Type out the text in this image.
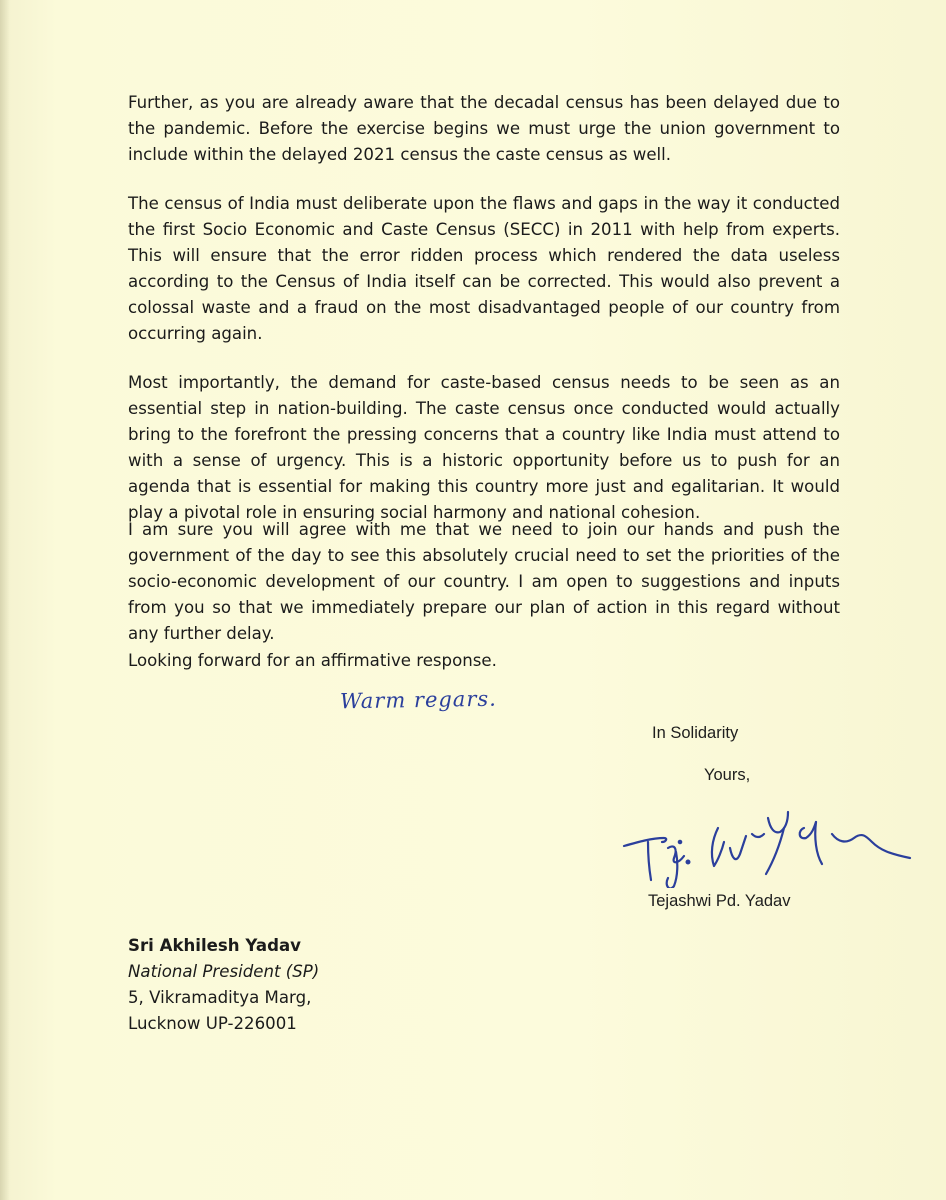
Further, as you are already aware that the decadal census has been delayed due to the pandemic. Before the exercise begins we must urge the union government to include within the delayed 2021 census the caste census as well.

The census of India must deliberate upon the flaws and gaps in the way it conducted the first Socio Economic and Caste Census (SECC) in 2011 with help from experts. This will ensure that the error ridden process which rendered the data useless according to the Census of India itself can be corrected. This would also prevent a colossal waste and a fraud on the most disadvantaged people of our country from occurring again.

Most importantly, the demand for caste-based census needs to be seen as an essential step in nation-building. The caste census once conducted would actually bring to the forefront the pressing concerns that a country like India must attend to with a sense of urgency. This is a historic opportunity before us to push for an agenda that is essential for making this country more just and egalitarian. It would play a pivotal role in ensuring social harmony and national cohesion.

I am sure you will agree with me that we need to join our hands and push the government of the day to see this absolutely crucial need to set the priorities of the socio-economic development of our country. I am open to suggestions and inputs from you so that we immediately prepare our plan of action in this regard without any further delay.

Looking forward for an affirmative response.

Warm regars.

In Solidarity

Yours,

Tejashwi Pd. Yadav

Sri Akhilesh Yadav
National President (SP)
5, Vikramaditya Marg,
Lucknow UP-226001
